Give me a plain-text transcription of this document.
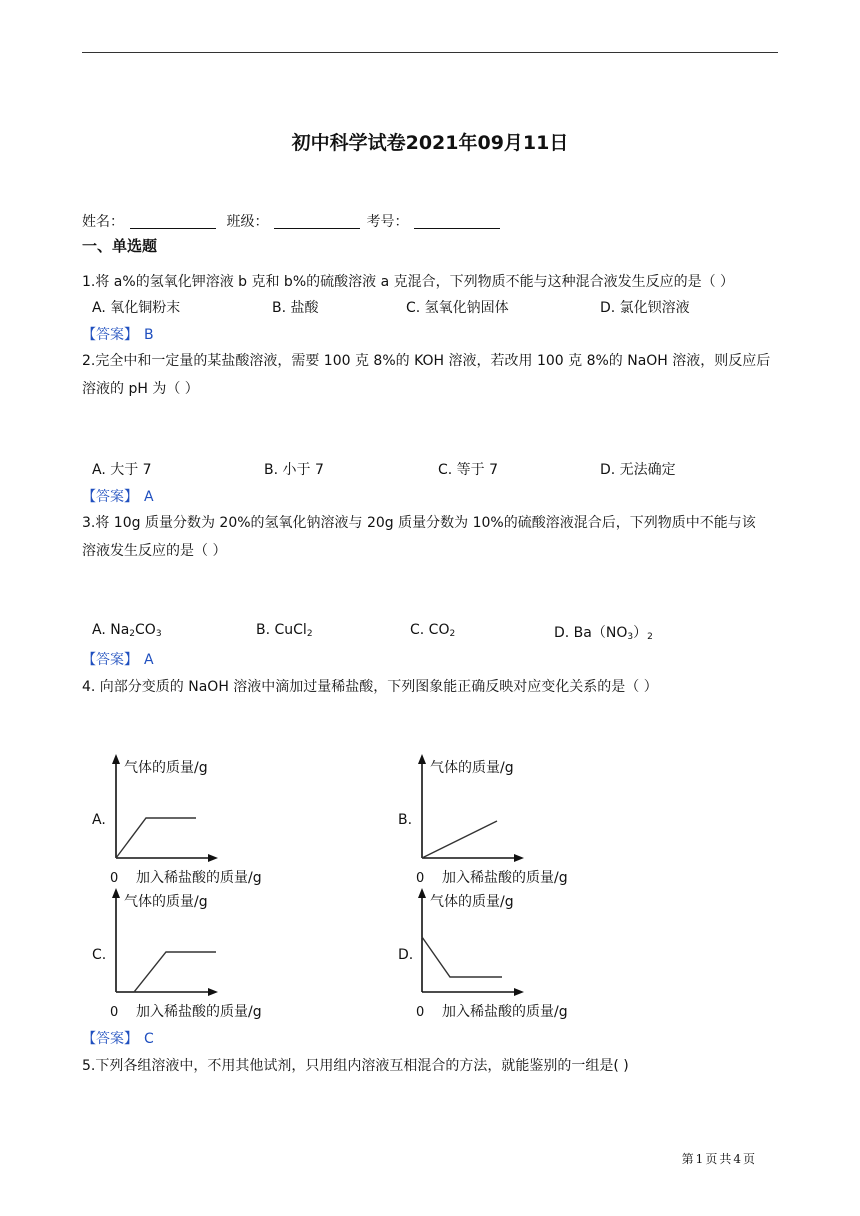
初中科学试卷2021年09月11日
姓名：	班级：	考号：
一、单选题
1.将 a%的氢氧化钾溶液 b 克和 b%的硫酸溶液 a 克混合，下列物质不能与这种混合液发生反应的是（ ）
A. 氧化铜粉末	B. 盐酸	C. 氢氧化钠固体	D. 氯化钡溶液
【答案】 B
2.完全中和一定量的某盐酸溶液，需要 100 克 8%的 KOH 溶液，若改用 100 克 8%的 NaOH 溶液，则反应后
溶液的 pH 为（ ）
A. 大于 7	B. 小于 7	C. 等于 7	D. 无法确定
【答案】 A
3.将 10g 质量分数为 20%的氢氧化钠溶液与 20g 质量分数为 10%的硫酸溶液混合后，下列物质中不能与该
溶液发生反应的是（ ）
A. $Na_2CO_3$	B. CuCl$_2$	C. $CO_2$	D. $Ba(NO_3)_2$
【答案】 A
4. 向部分变质的 NaOH 溶液中滴加过量稀盐酸，下列图象能正确反映对应变化关系的是（ ）
A.	B.
C.	D.
气体的质量/g
0 加入稀盐酸的质量/g
气体的质量/g
0 加入稀盐酸的质量/g
气体的质量/g
0 加入稀盐酸的质量/g
气体的质量/g
0 加入稀盐酸的质量/g
【答案】 C
5.下列各组溶液中，不用其他试剂，只用组内溶液互相混合的方法，就能鉴别的一组是( )
第 1 页 共 4 页
